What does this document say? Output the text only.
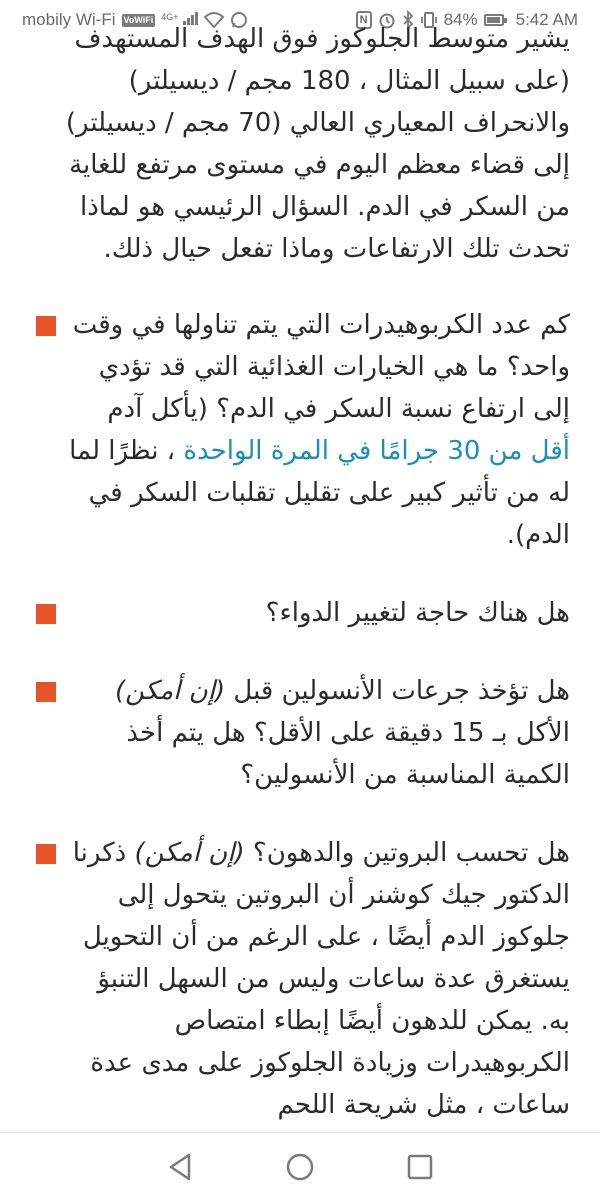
mobily Wi-Fi VoWiFi $^{4G+}$	N	84% 5:42 AM

يشير متوسط الجلوكوز فوق الهدف المستهدف (على سبيل المثال ، 180 مجم / ديسيلتر) والانحراف المعياري العالي (70 مجم / ديسيلتر) إلى قضاء معظم اليوم في مستوى مرتفع للغاية من السكر في الدم. السؤال الرئيسي هو لماذا تحدث تلك الارتفاعات وماذا تفعل حيال ذلك.

كم عدد الكربوهيدرات التي يتم تناولها في وقت واحد؟ ما هي الخيارات الغذائية التي قد تؤدي إلى ارتفاع نسبة السكر في الدم؟ (يأكل آدم أقل من 30 جرامًا في المرة الواحدة ، نظرًا لما له من تأثير كبير على تقليل تقلبات السكر في الدم).

هل هناك حاجة لتغيير الدواء؟

هل تؤخذ جرعات الأنسولين قبل (إن أمكن) الأكل بـ 15 دقيقة على الأقل؟ هل يتم أخذ الكمية المناسبة من الأنسولين؟

هل تحسب البروتين والدهون؟ (إن أمكن) ذكرنا الدكتور جيك كوشنر أن البروتين يتحول إلى جلوكوز الدم أيضًا ، على الرغم من أن التحويل يستغرق عدة ساعات وليس من السهل التنبؤ به. يمكن للدهون أيضًا إبطاء امتصاص الكربوهيدرات وزيادة الجلوكوز على مدى عدة ساعات ، مثل شريحة اللحم
